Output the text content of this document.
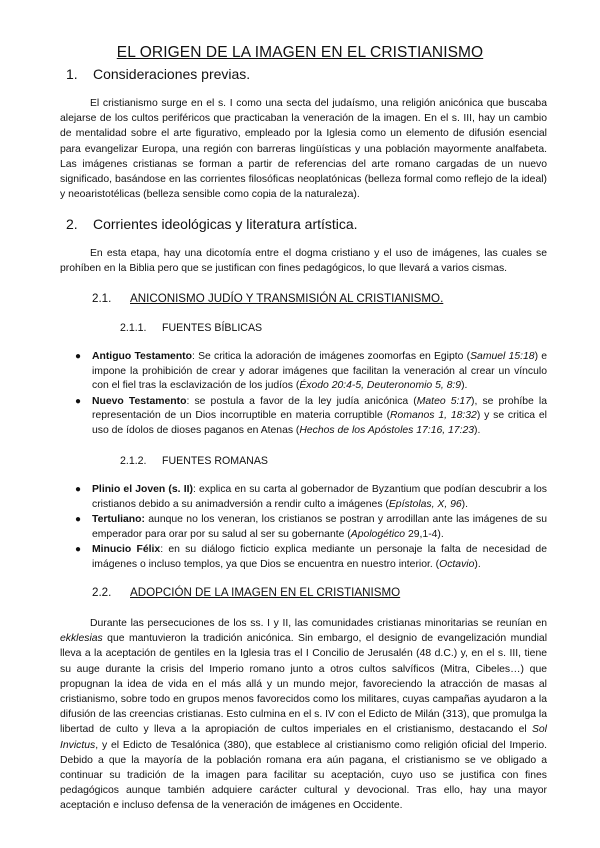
EL ORIGEN DE LA IMAGEN EN EL CRISTIANISMO
1. Consideraciones previas.

El cristianismo surge en el s. I como una secta del judaísmo, una religión anicónica que buscaba alejarse de los cultos periféricos que practicaban la veneración de la imagen. En el s. III, hay un cambio de mentalidad sobre el arte figurativo, empleado por la Iglesia como un elemento de difusión esencial para evangelizar Europa, una región con barreras lingüísticas y una población mayormente analfabeta. Las imágenes cristianas se forman a partir de referencias del arte romano cargadas de un nuevo significado, basándose en las corrientes filosóficas neoplatónicas (belleza formal como reflejo de la ideal) y neoaristotélicas (belleza sensible como copia de la naturaleza).

2. Corrientes ideológicas y literatura artística.

En esta etapa, hay una dicotomía entre el dogma cristiano y el uso de imágenes, las cuales se prohíben en la Biblia pero que se justifican con fines pedagógicos, lo que llevará a varios cismas.

2.1. ANICONISMO JUDÍO Y TRANSMISIÓN AL CRISTIANISMO.
2.1.1. FUENTES BÍBLICAS
● Antiguo Testamento: Se critica la adoración de imágenes zoomorfas en Egipto (Samuel 15:18) e impone la prohibición de crear y adorar imágenes que facilitan la veneración al crear un vínculo con el fiel tras la esclavización de los judíos (Éxodo 20:4-5, Deuteronomio 5, 8:9).
● Nuevo Testamento: se postula a favor de la ley judía anicónica (Mateo 5:17), se prohíbe la representación de un Dios incorruptible en materia corruptible (Romanos 1, 18:32) y se critica el uso de ídolos de dioses paganos en Atenas (Hechos de los Apóstoles 17:16, 17:23).
2.1.2. FUENTES ROMANAS
● Plinio el Joven (s. II): explica en su carta al gobernador de Byzantium que podían descubrir a los cristianos debido a su animadversión a rendir culto a imágenes (Epístolas, X, 96).
● Tertuliano: aunque no los veneran, los cristianos se postran y arrodillan ante las imágenes de su emperador para orar por su salud al ser su gobernante (Apologético 29,1-4).
● Minucio Félix: en su diálogo ficticio explica mediante un personaje la falta de necesidad de imágenes o incluso templos, ya que Dios se encuentra en nuestro interior. (Octavio).
2.2. ADOPCIÓN DE LA IMAGEN EN EL CRISTIANISMO

Durante las persecuciones de los ss. I y II, las comunidades cristianas minoritarias se reunían en ekklesias que mantuvieron la tradición anicónica. Sin embargo, el designio de evangelización mundial lleva a la aceptación de gentiles en la Iglesia tras el I Concilio de Jerusalén (48 d.C.) y, en el s. III, tiene su auge durante la crisis del Imperio romano junto a otros cultos salvíficos (Mitra, Cibeles…) que propugnan la idea de vida en el más allá y un mundo mejor, favoreciendo la atracción de masas al cristianismo, sobre todo en grupos menos favorecidos como los militares, cuyas campañas ayudaron a la difusión de las creencias cristianas. Esto culmina en el s. IV con el Edicto de Milán (313), que promulga la libertad de culto y lleva a la apropiación de cultos imperiales en el cristianismo, destacando el Sol Invictus, y el Edicto de Tesalónica (380), que establece al cristianismo como religión oficial del Imperio. Debido a que la mayoría de la población romana era aún pagana, el cristianismo se ve obligado a continuar su tradición de la imagen para facilitar su aceptación, cuyo uso se justifica con fines pedagógicos aunque también adquiere carácter cultural y devocional. Tras ello, hay una mayor aceptación e incluso defensa de la veneración de imágenes en Occidente.
